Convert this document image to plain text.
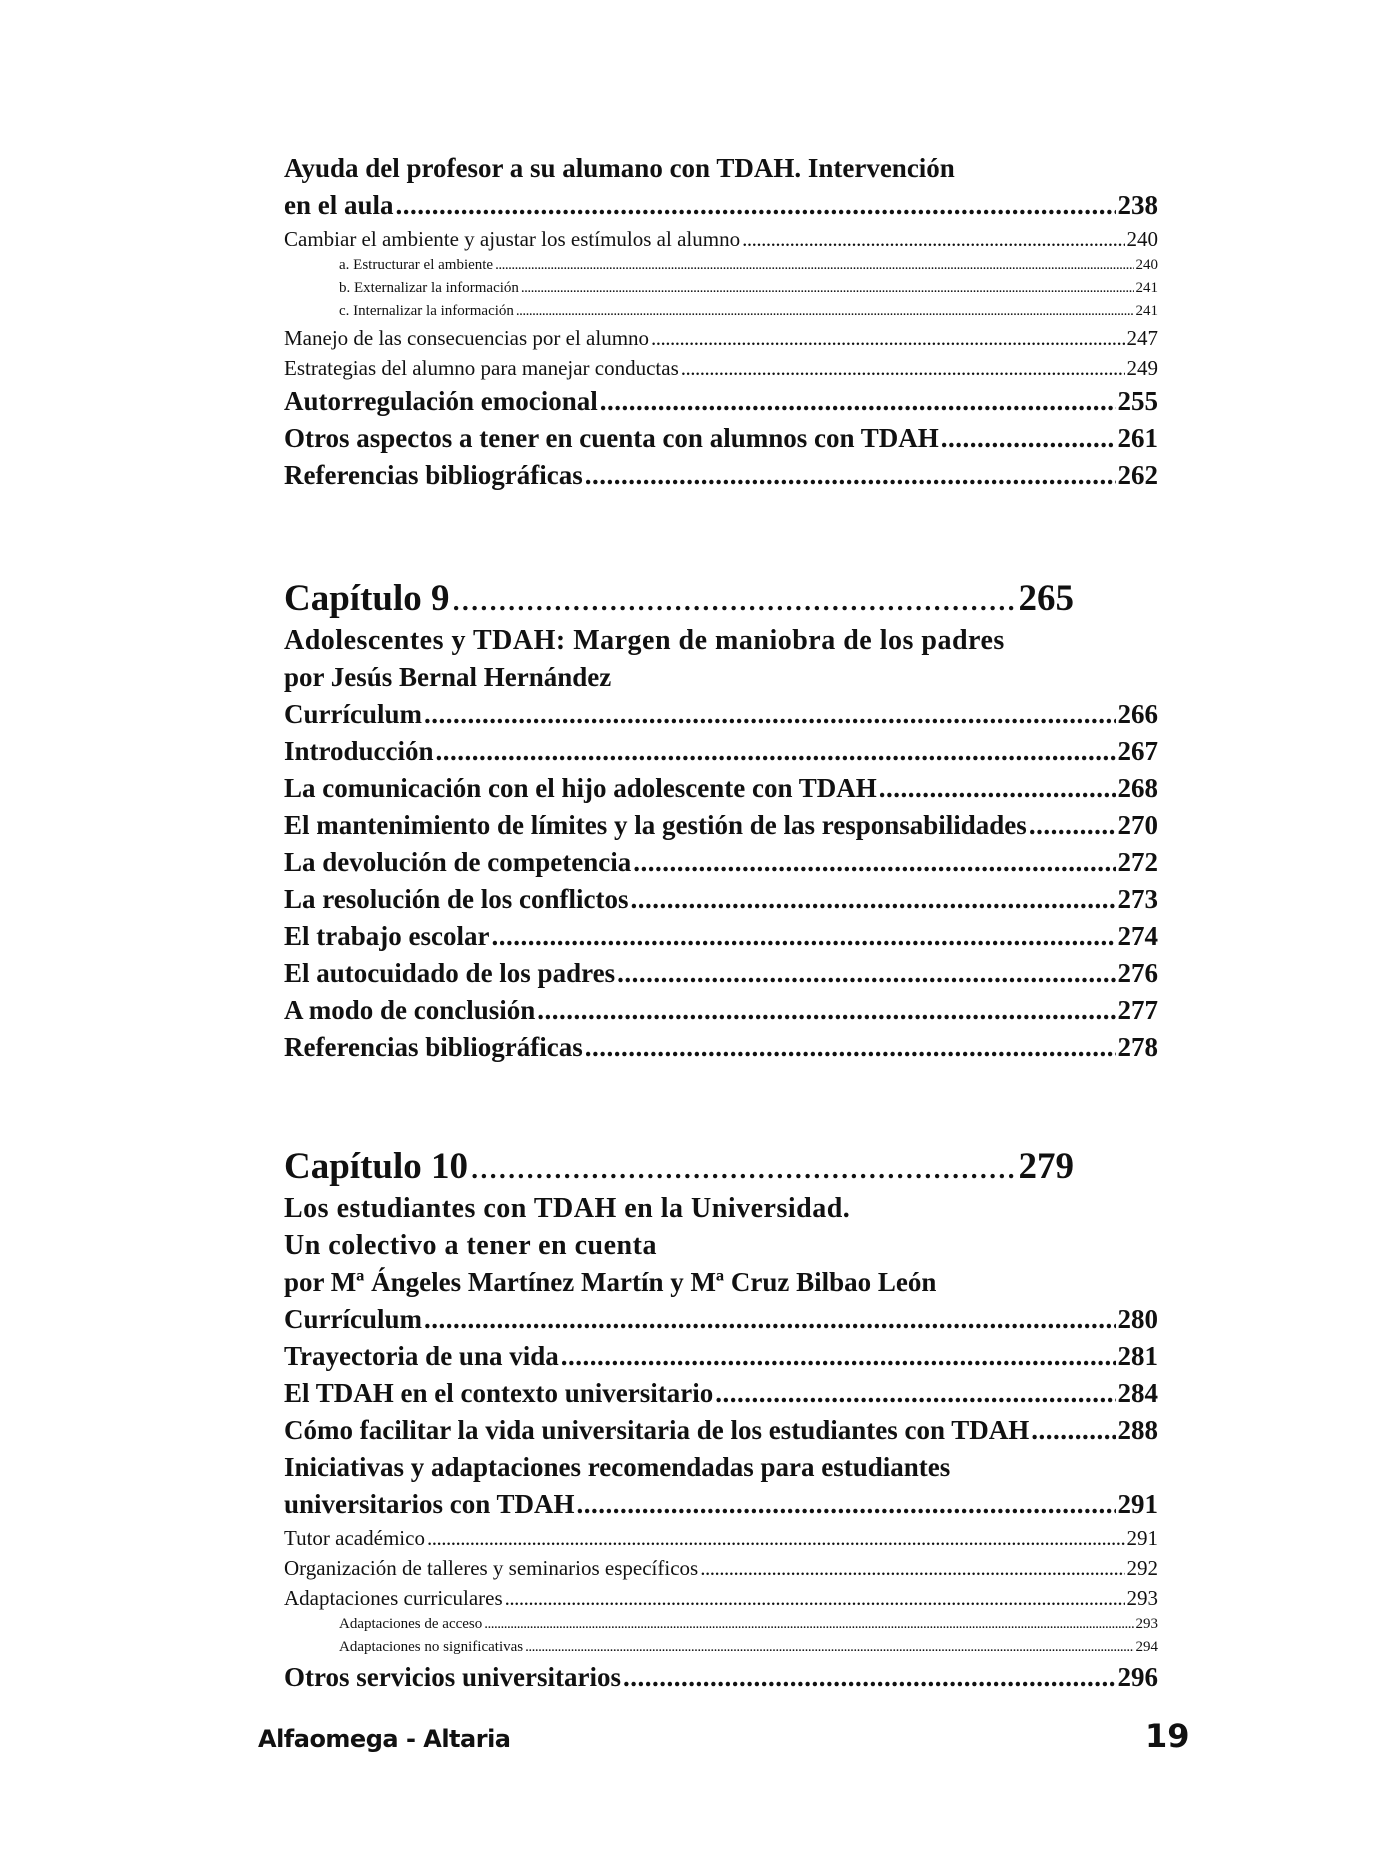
Ayuda del profesor a su alumano con TDAH. Intervención
en el aula .....	238
Cambiar el ambiente y ajustar los estímulos al alumno .....	240
a. Estructurar el ambiente .....	240
b. Externalizar la información .....	241
c. Internalizar la información .....	241
Manejo de las consecuencias por el alumno .....	247
Estrategias del alumno para manejar conductas .....	249
Autorregulación emocional .....	255
Otros aspectos a tener en cuenta con alumnos con TDAH .....	261
Referencias bibliográficas .....	262
Capítulo 9 .....	265
Adolescentes y TDAH: Margen de maniobra de los padres
por Jesús Bernal Hernández
Currículum .....	266
Introducción .....	267
La comunicación con el hijo adolescente con TDAH .....	268
El mantenimiento de límites y la gestión de las responsabilidades .....	270
La devolución de competencia .....	272
La resolución de los conflictos .....	273
El trabajo escolar .....	274
El autocuidado de los padres .....	276
A modo de conclusión .....	277
Referencias bibliográficas .....	278
Capítulo 10 .....	279
Los estudiantes con TDAH en la Universidad.
Un colectivo a tener en cuenta
por Mª Ángeles Martínez Martín y Mª Cruz Bilbao León
Currículum .....	280
Trayectoria de una vida .....	281
El TDAH en el contexto universitario .....	284
Cómo facilitar la vida universitaria de los estudiantes con TDAH .....	288
Iniciativas y adaptaciones recomendadas para estudiantes
universitarios con TDAH .....	291
Tutor académico .....	291
Organización de talleres y seminarios específicos .....	292
Adaptaciones curriculares .....	293
Adaptaciones de acceso .....	293
Adaptaciones no significativas .....	294
Otros servicios universitarios .....	296
Alfaomega - Altaria	19
